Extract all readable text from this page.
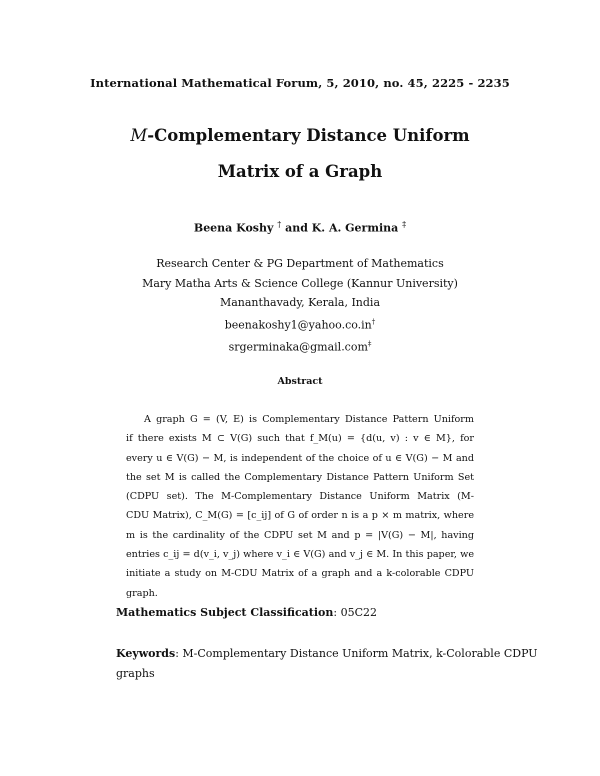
International Mathematical Forum, 5, 2010, no. 45, 2225 - 2235
M-Complementary Distance Uniform
Matrix of a Graph
Beena Koshy † and K. A. Germina ‡
Research Center & PG Department of Mathematics
Mary Matha Arts & Science College (Kannur University)
Mananthavady, Kerala, India
beenakoshy1@yahoo.co.in†
srgerminaka@gmail.com‡
Abstract
A graph G = (V, E) is Complementary Distance Pattern Uniform
if there exists M ⊂ V(G) such that f_M(u) = {d(u, v) : v ∈ M}, for
every u ∈ V(G) − M, is independent of the choice of u ∈ V(G) − M and
the set M is called the Complementary Distance Pattern Uniform Set
(CDPU set). The M-Complementary Distance Uniform Matrix (M-
CDU Matrix), C_M(G) = [c_ij] of G of order n is a p × m matrix, where
m is the cardinality of the CDPU set M and p = |V(G) − M|, having
entries c_ij = d(v_i, v_j) where v_i ∈ V(G) and v_j ∈ M. In this paper, we
initiate a study on M-CDU Matrix of a graph and a k-colorable CDPU
graph.
Mathematics Subject Classification: 05C22
Keywords: M-Complementary Distance Uniform Matrix, k-Colorable CDPU
graphs
